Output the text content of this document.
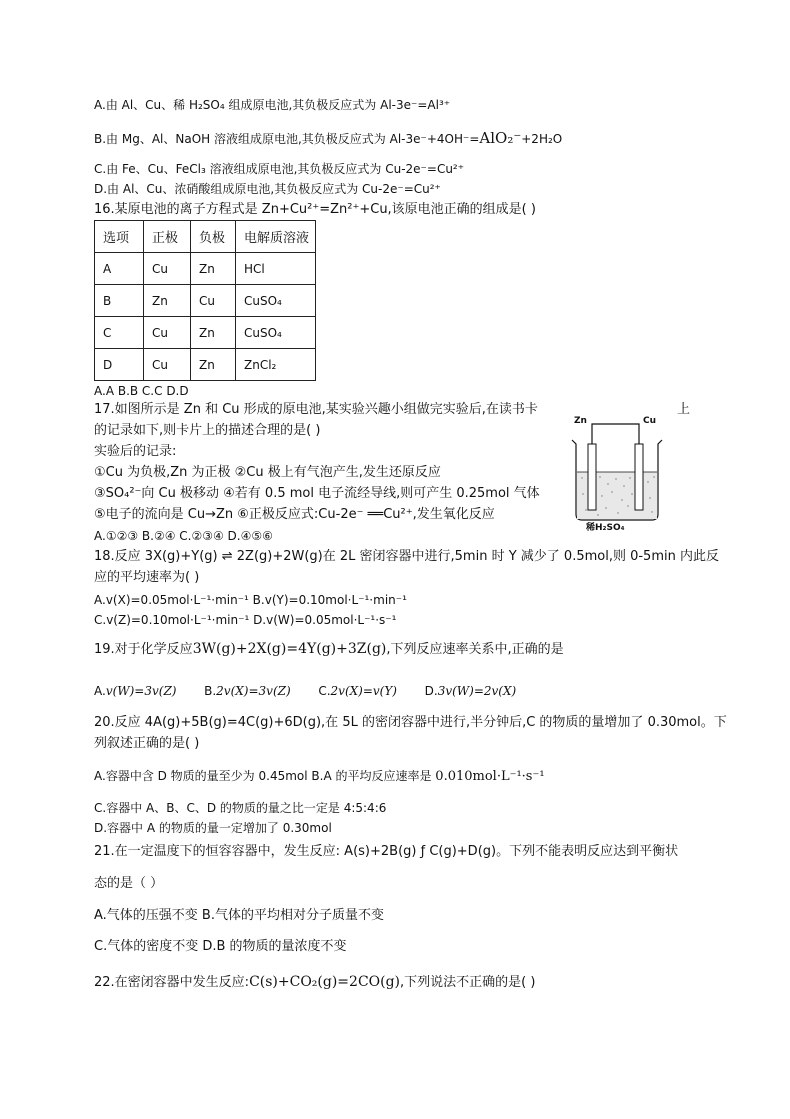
A.由 Al、Cu、稀 H₂SO₄ 组成原电池,其负极反应式为 Al-3e⁻=Al³⁺
B.由 Mg、Al、NaOH 溶液组成原电池,其负极反应式为 Al-3e⁻+4OH⁻=AlO₂⁻+2H₂O
C.由 Fe、Cu、FeCl₃ 溶液组成原电池,其负极反应式为 Cu-2e⁻=Cu²⁺
D.由 Al、Cu、浓硝酸组成原电池,其负极反应式为 Cu-2e⁻=Cu²⁺
16.某原电池的离子方程式是 Zn+Cu²⁺=Zn²⁺+Cu,该原电池正确的组成是( )
选项	正极	负极	电解质溶液
A	Cu	Zn	HCl
B	Zn	Cu	CuSO₄
C	Cu	Zn	CuSO₄
D	Cu	Zn	ZnCl₂
A.A B.B C.C D.D
17.如图所示是 Zn 和 Cu 形成的原电池,某实验兴趣小组做完实验后,在读书卡	上
的记录如下,则卡片上的描述合理的是( )
实验后的记录:
①Cu 为负极,Zn 为正极 ②Cu 极上有气泡产生,发生还原反应
③SO₄²⁻向 Cu 极移动 ④若有 0.5 mol 电子流经导线,则可产生 0.25mol 气体
⑤电子的流向是 Cu→Zn ⑥正极反应式:Cu-2e⁻ ══Cu²⁺,发生氧化反应
A.①②③ B.②④ C.②③④ D.④⑤⑥
Zn	Cu
稀H₂SO₄
18.反应 3X(g)+Y(g) ⇌ 2Z(g)+2W(g)在 2L 密闭容器中进行,5min 时 Y 减少了 0.5mol,则 0-5min 内此反
应的平均速率为( )
A.v(X)=0.05mol·L⁻¹·min⁻¹ B.v(Y)=0.10mol·L⁻¹·min⁻¹
C.v(Z)=0.10mol·L⁻¹·min⁻¹ D.v(W)=0.05mol·L⁻¹·s⁻¹
19.对于化学反应3W(g)+2X(g)=4Y(g)+3Z(g),下列反应速率关系中,正确的是
A.v(W)=3v(Z) B.2v(X)=3v(Z) C.2v(X)=v(Y) D.3v(W)=2v(X)
20.反应 4A(g)+5B(g)=4C(g)+6D(g),在 5L 的密闭容器中进行,半分钟后,C 的物质的量增加了 0.30mol。下
列叙述正确的是( )
A.容器中含 D 物质的量至少为 0.45mol B.A 的平均反应速率是 0.010mol·L⁻¹·s⁻¹
C.容器中 A、B、C、D 的物质的量之比一定是 4:5:4:6
D.容器中 A 的物质的量一定增加了 0.30mol
21.在一定温度下的恒容容器中，发生反应: A(s)+2B(g) ƒ C(g)+D(g)。下列不能表明反应达到平衡状
态的是（ ）
A.气体的压强不变 B.气体的平均相对分子质量不变
C.气体的密度不变 D.B 的物质的量浓度不变
22.在密闭容器中发生反应:C(s)+CO₂(g)=2CO(g),下列说法不正确的是( )
